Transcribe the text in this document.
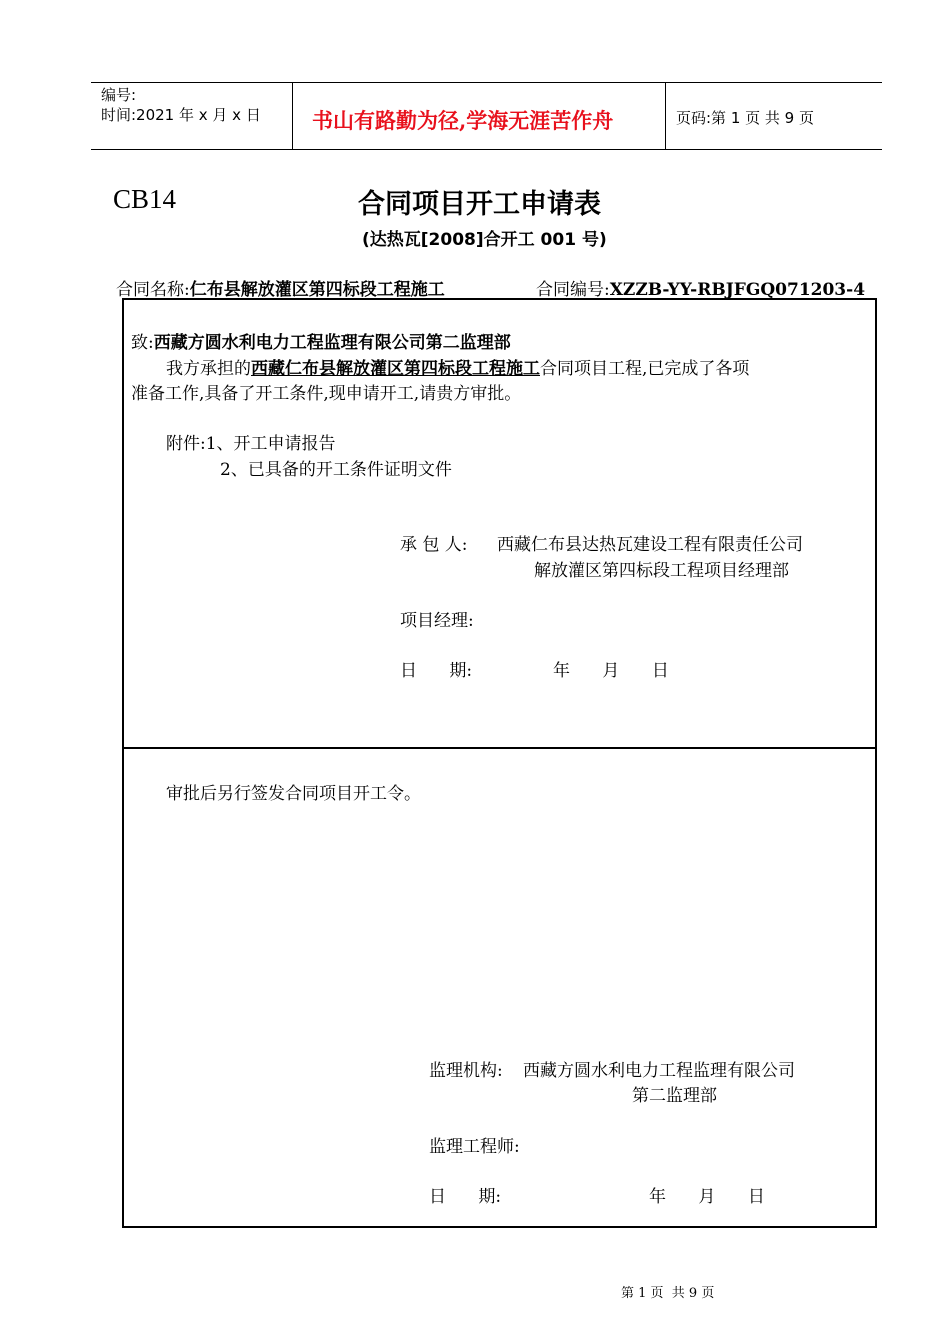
编号:
时间:2021 年 x 月 x 日 书山有路勤为径,学海无涯苦作舟	页码:第 1 页 共 9 页
CB14	合同项目开工申请表
(达热瓦[2008]合开工 001 号)
合同名称:仁布县解放灌区第四标段工程施工	合同编号:XZZB-YY-RBJFGQ071203-4
致:西藏方圆水利电力工程监理有限公司第二监理部
我方承担的西藏仁布县解放灌区第四标段工程施工合同项目工程,已完成了各项
准备工作,具备了开工条件,现申请开工,请贵方审批。
附件:1、开工申请报告
2、已具备的开工条件证明文件
承 包 人: 西藏仁布县达热瓦建设工程有限责任公司
解放灌区第四标段工程项目经理部
项目经理:
日      期:	年      月      日
审批后另行签发合同项目开工令。
监理机构: 西藏方圆水利电力工程监理有限公司
第二监理部
监理工程师:
日      期:	年      月      日
第 1 页  共 9 页
